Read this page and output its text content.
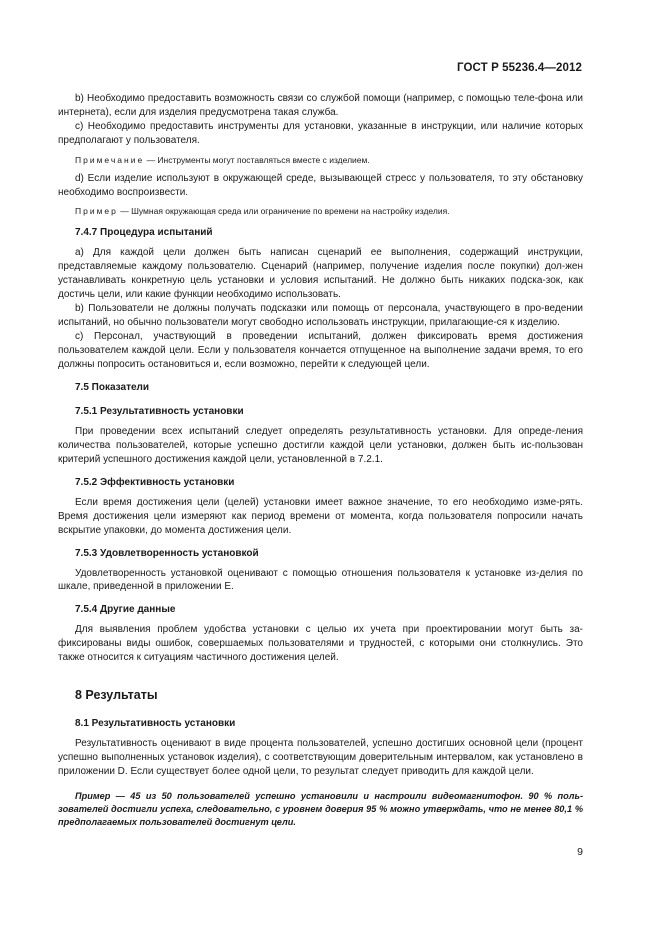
ГОСТ Р 55236.4—2012

b) Необходимо предоставить возможность связи со службой помощи (например, с помощью теле-фона или интернета), если для изделия предусмотрена такая служба.

c) Необходимо предоставить инструменты для установки, указанные в инструкции, или наличие которых предполагают у пользователя.

Примечание — Инструменты могут поставляться вместе с изделием.

d) Если изделие используют в окружающей среде, вызывающей стресс у пользователя, то эту обстановку необходимо воспроизвести.

Пример — Шумная окружающая среда или ограничение по времени на настройку изделия.

7.4.7 Процедура испытаний

a) Для каждой цели должен быть написан сценарий ее выполнения, содержащий инструкции, представляемые каждому пользователю. Сценарий (например, получение изделия после покупки) дол-жен устанавливать конкретную цель установки и условия испытаний. Не должно быть никаких подска-зок, как достичь цели, или какие функции необходимо использовать.

b) Пользователи не должны получать подсказки или помощь от персонала, участвующего в про-ведении испытаний, но обычно пользователи могут свободно использовать инструкции, прилагающие-ся к изделию.

c) Персонал, участвующий в проведении испытаний, должен фиксировать время достижения пользователем каждой цели. Если у пользователя кончается отпущенное на выполнение задачи время, то его должны попросить остановиться и, если возможно, перейти к следующей цели.

7.5 Показатели

7.5.1 Результативность установки

При проведении всех испытаний следует определять результативность установки. Для опреде-ления количества пользователей, которые успешно достигли каждой цели установки, должен быть ис-пользован критерий успешного достижения каждой цели, установленной в 7.2.1.

7.5.2 Эффективность установки

Если время достижения цели (целей) установки имеет важное значение, то его необходимо изме-рять. Время достижения цели измеряют как период времени от момента, когда пользователя попросили начать вскрытие упаковки, до момента достижения цели.

7.5.3 Удовлетворенность установкой

Удовлетворенность установкой оценивают с помощью отношения пользователя к установке из-делия по шкале, приведенной в приложении Е.

7.5.4 Другие данные

Для выявления проблем удобства установки с целью их учета при проектировании могут быть за-фиксированы виды ошибок, совершаемых пользователями и трудностей, с которыми они столкнулись. Это также относится к ситуациям частичного достижения целей.

8 Результаты

8.1 Результативность установки

Результативность оценивают в виде процента пользователей, успешно достигших основной цели (процент успешно выполненных установок изделия), с соответствующим доверительным интервалом, как установлено в приложении D. Если существует более одной цели, то результат следует приводить для каждой цели.

Пример — 45 из 50 пользователей успешно установили и настроили видеомагнитофон. 90 % поль-зователей достигли успеха, следовательно, с уровнем доверия 95 % можно утверждать, что не менее 80,1 % предполагаемых пользователей достигнут цели.

9
